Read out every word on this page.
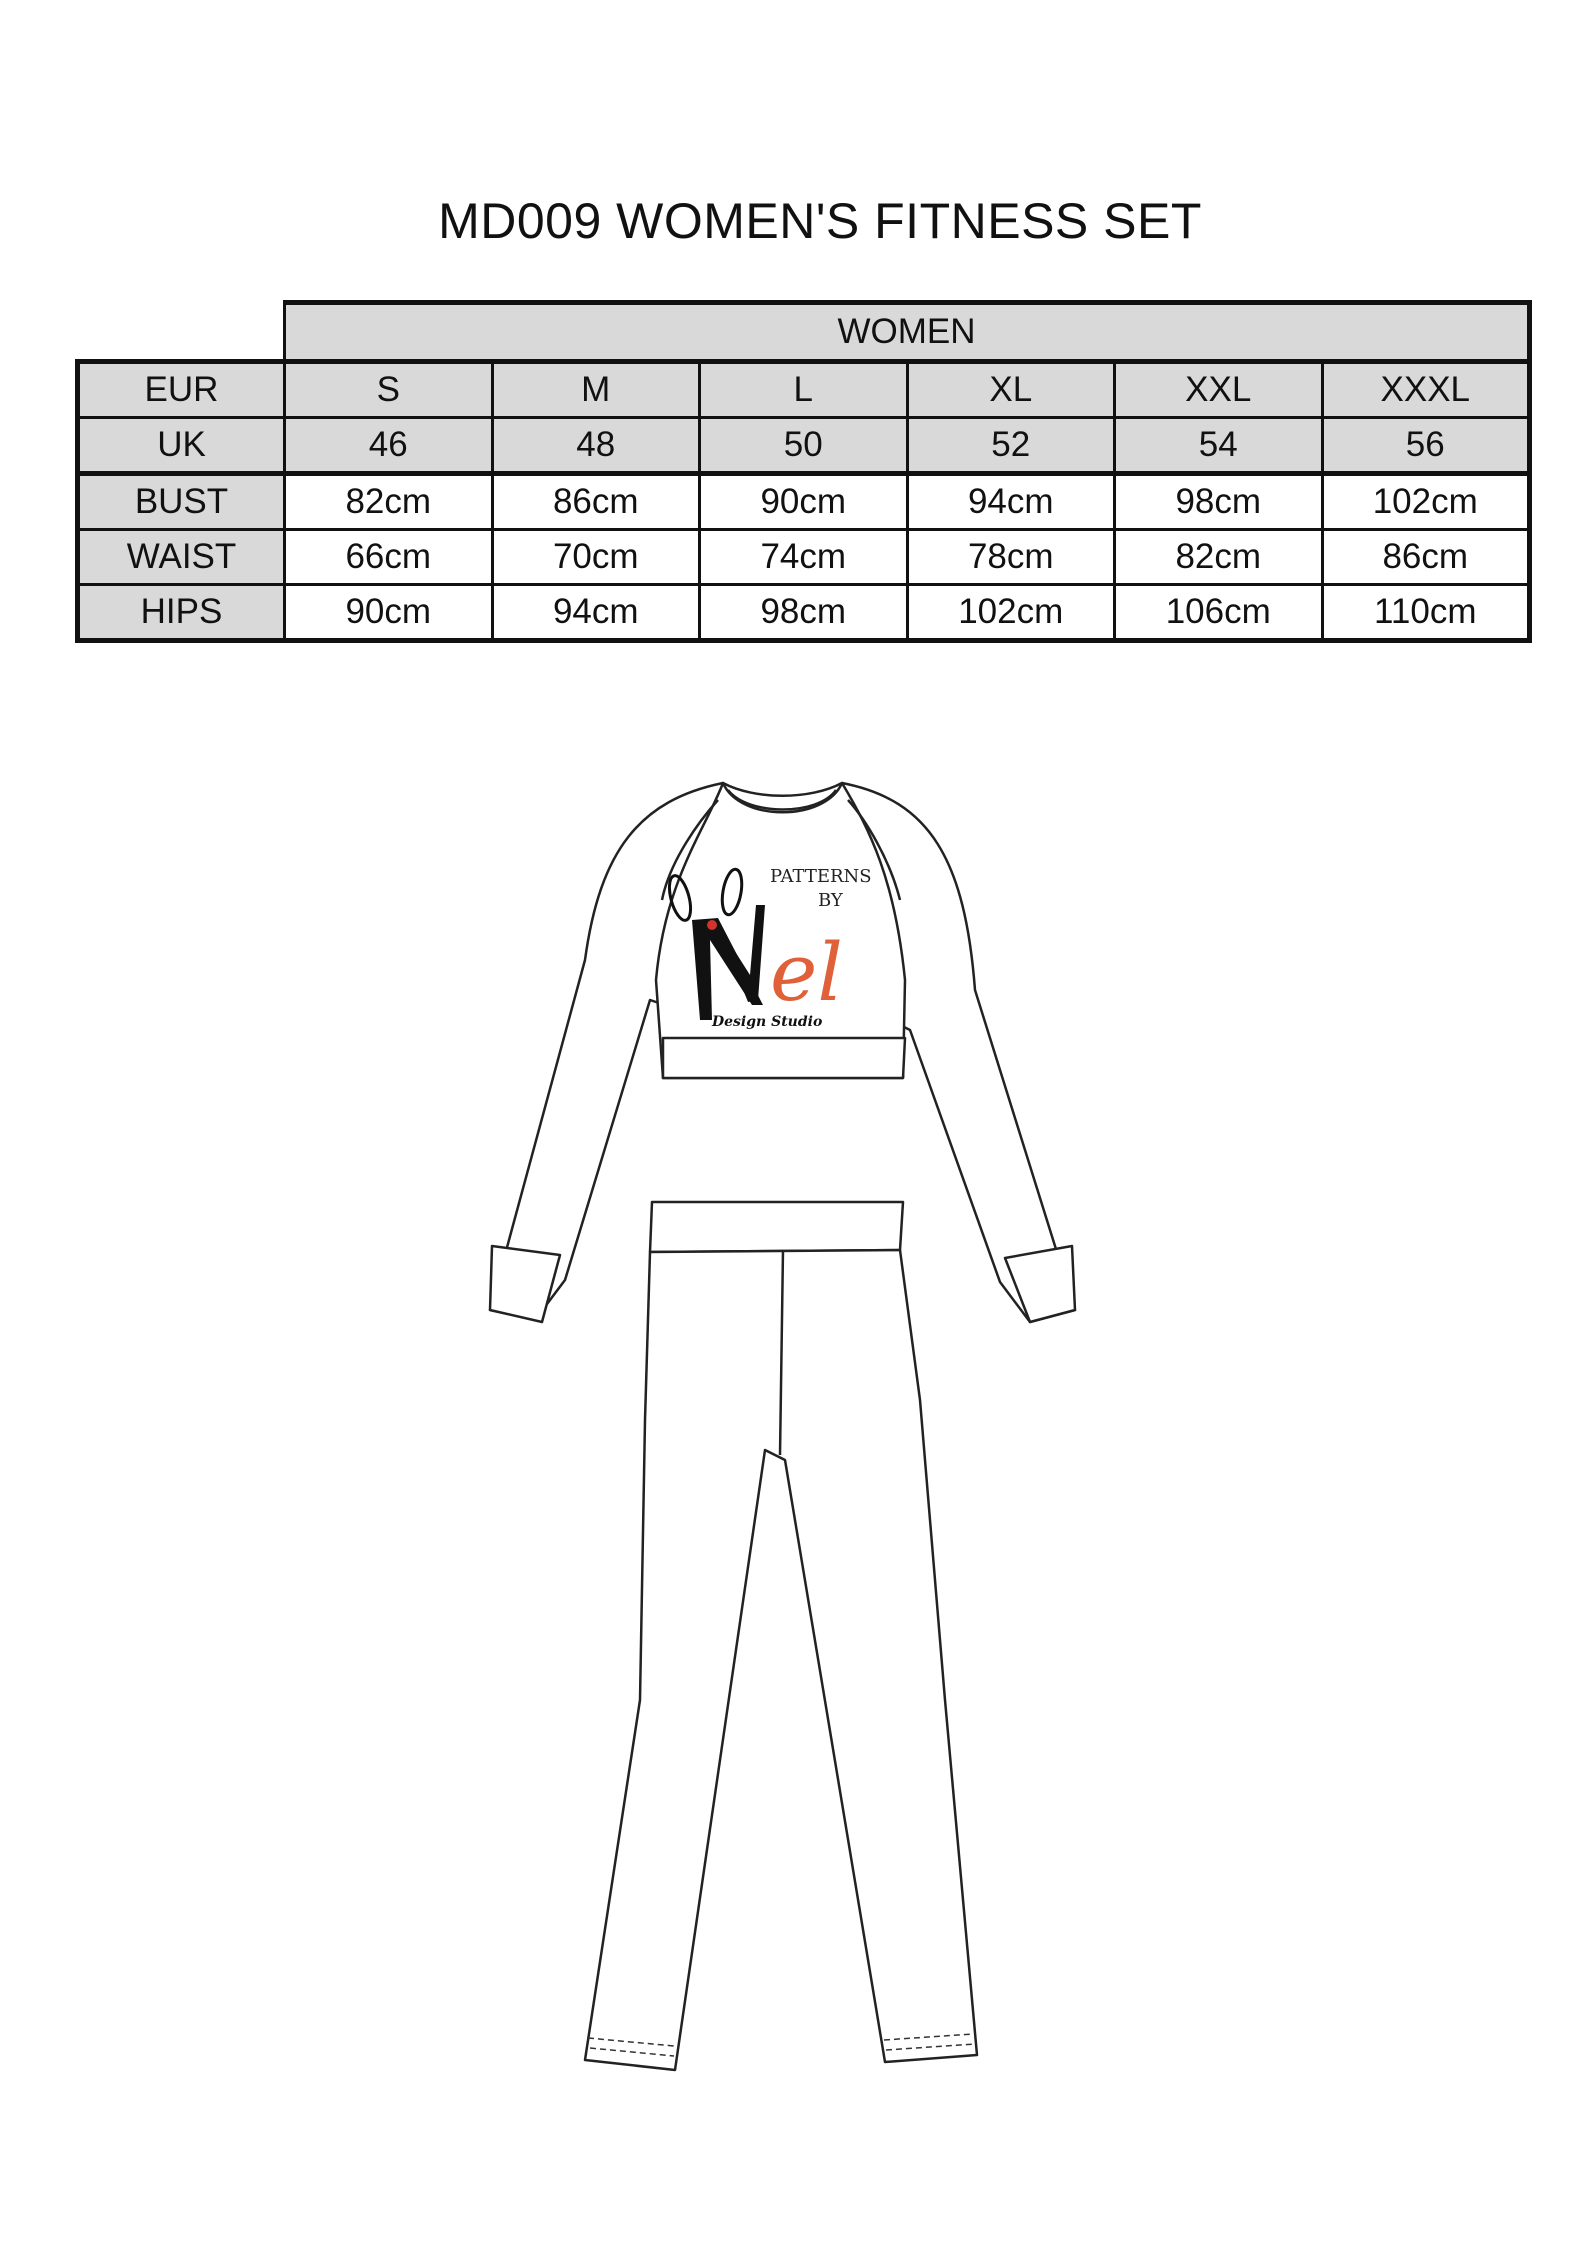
MD009 WOMEN'S FITNESS SET
	WOMEN					
EUR	S	M	L	XL	XXL	XXXL
UK	46	48	50	52	54	56
BUST	82cm	86cm	90cm	94cm	98cm	102cm
WAIST	66cm	70cm	74cm	78cm	82cm	86cm
HIPS	90cm	94cm	98cm	102cm	106cm	110cm
PATTERNS
BY
el
Design Studio
